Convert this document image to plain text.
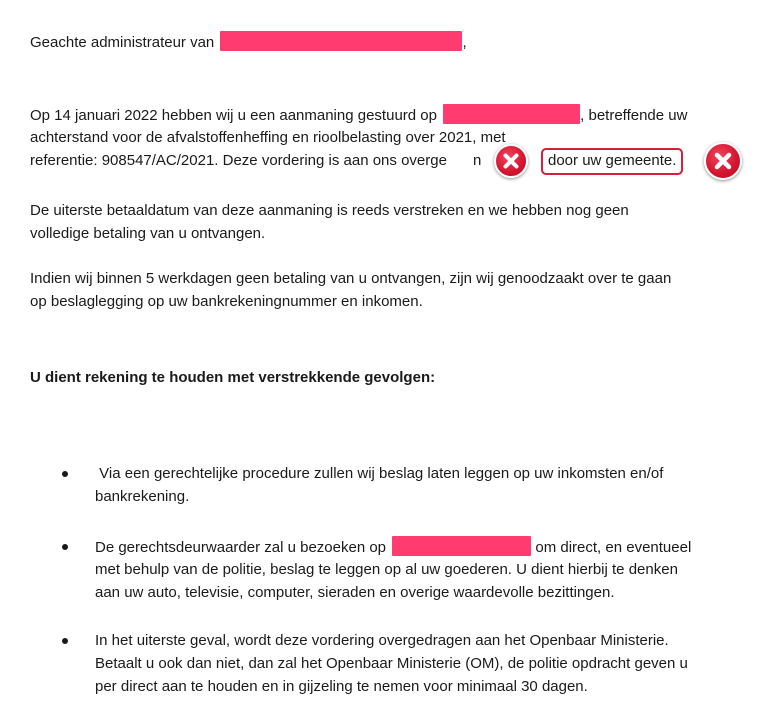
Geachte administrateur van	,
Op 14 januari 2022 hebben wij u een aanmaning gestuurd op	, betreffende uw
achterstand voor de afvalstoffenheffing en rioolbelasting over 2021, met
referentie: 908547/AC/2021. Deze vordering is aan ons overge n	door uw gemeente.
De uiterste betaaldatum van deze aanmaning is reeds verstreken en we hebben nog geen
volledige betaling van u ontvangen.
Indien wij binnen 5 werkdagen geen betaling van u ontvangen, zijn wij genoodzaakt over te gaan
op beslaglegging op uw bankrekeningnummer en inkomen.
U dient rekening te houden met verstrekkende gevolgen:
Via een gerechtelijke procedure zullen wij beslag laten leggen op uw inkomsten en/of
bankrekening.
De gerechtsdeurwaarder zal u bezoeken op	om direct, en eventueel
met behulp van de politie, beslag te leggen op al uw goederen. U dient hierbij te denken
aan uw auto, televisie, computer, sieraden en overige waardevolle bezittingen.
In het uiterste geval, wordt deze vordering overgedragen aan het Openbaar Ministerie.
Betaalt u ook dan niet, dan zal het Openbaar Ministerie (OM), de politie opdracht geven u
per direct aan te houden en in gijzeling te nemen voor minimaal 30 dagen.
